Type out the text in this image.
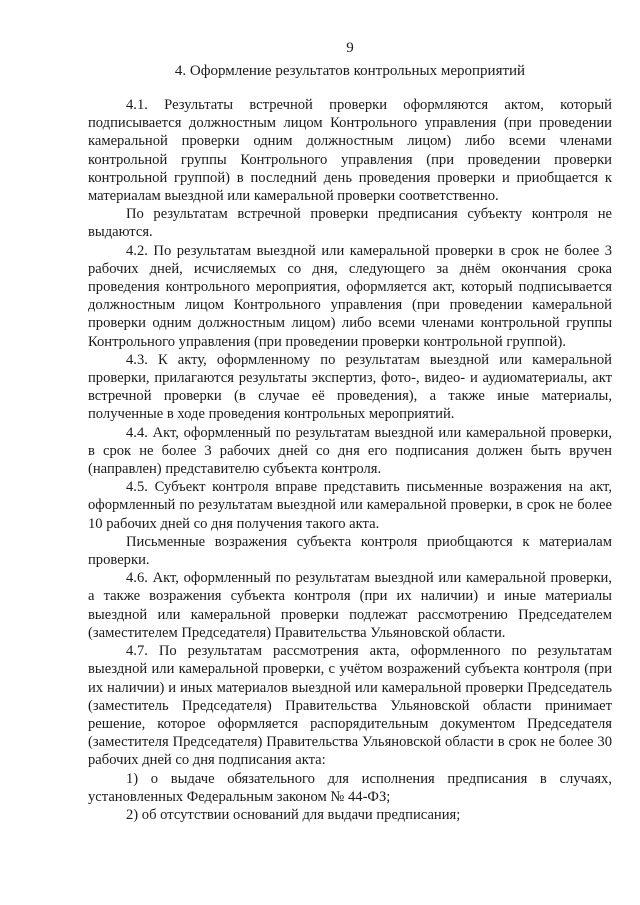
9
4. Оформление результатов контрольных мероприятий

4.1. Результаты встречной проверки оформляются актом, который подписывается должностным лицом Контрольного управления (при проведении камеральной проверки одним должностным лицом) либо всеми членами контрольной группы Контрольного управления (при проведении проверки контрольной группой) в последний день проведения проверки и приобщается к материалам выездной или камеральной проверки соответственно.

По результатам встречной проверки предписания субъекту контроля не выдаются.

4.2. По результатам выездной или камеральной проверки в срок не более 3 рабочих дней, исчисляемых со дня, следующего за днём окончания срока проведения контрольного мероприятия, оформляется акт, который подписывается должностным лицом Контрольного управления (при проведении камеральной проверки одним должностным лицом) либо всеми членами контрольной группы Контрольного управления (при проведении проверки контрольной группой).

4.3. К акту, оформленному по результатам выездной или камеральной проверки, прилагаются результаты экспертиз, фото-, видео- и аудиоматериалы, акт встречной проверки (в случае её проведения), а также иные материалы, полученные в ходе проведения контрольных мероприятий.

4.4. Акт, оформленный по результатам выездной или камеральной проверки, в срок не более 3 рабочих дней со дня его подписания должен быть вручен (направлен) представителю субъекта контроля.

4.5. Субъект контроля вправе представить письменные возражения на акт, оформленный по результатам выездной или камеральной проверки, в срок не более 10 рабочих дней со дня получения такого акта.

Письменные возражения субъекта контроля приобщаются к материалам проверки.

4.6. Акт, оформленный по результатам выездной или камеральной проверки, а также возражения субъекта контроля (при их наличии) и иные материалы выездной или камеральной проверки подлежат рассмотрению Председателем (заместителем Председателя) Правительства Ульяновской области.

4.7. По результатам рассмотрения акта, оформленного по результатам выездной или камеральной проверки, с учётом возражений субъекта контроля (при их наличии) и иных материалов выездной или камеральной проверки Председатель (заместитель Председателя) Правительства Ульяновской области принимает решение, которое оформляется распорядительным документом Председателя (заместителя Председателя) Правительства Ульяновской области в срок не более 30 рабочих дней со дня подписания акта:

1) о выдаче обязательного для исполнения предписания в случаях, установленных Федеральным законом № 44-ФЗ;

2) об отсутствии оснований для выдачи предписания;
